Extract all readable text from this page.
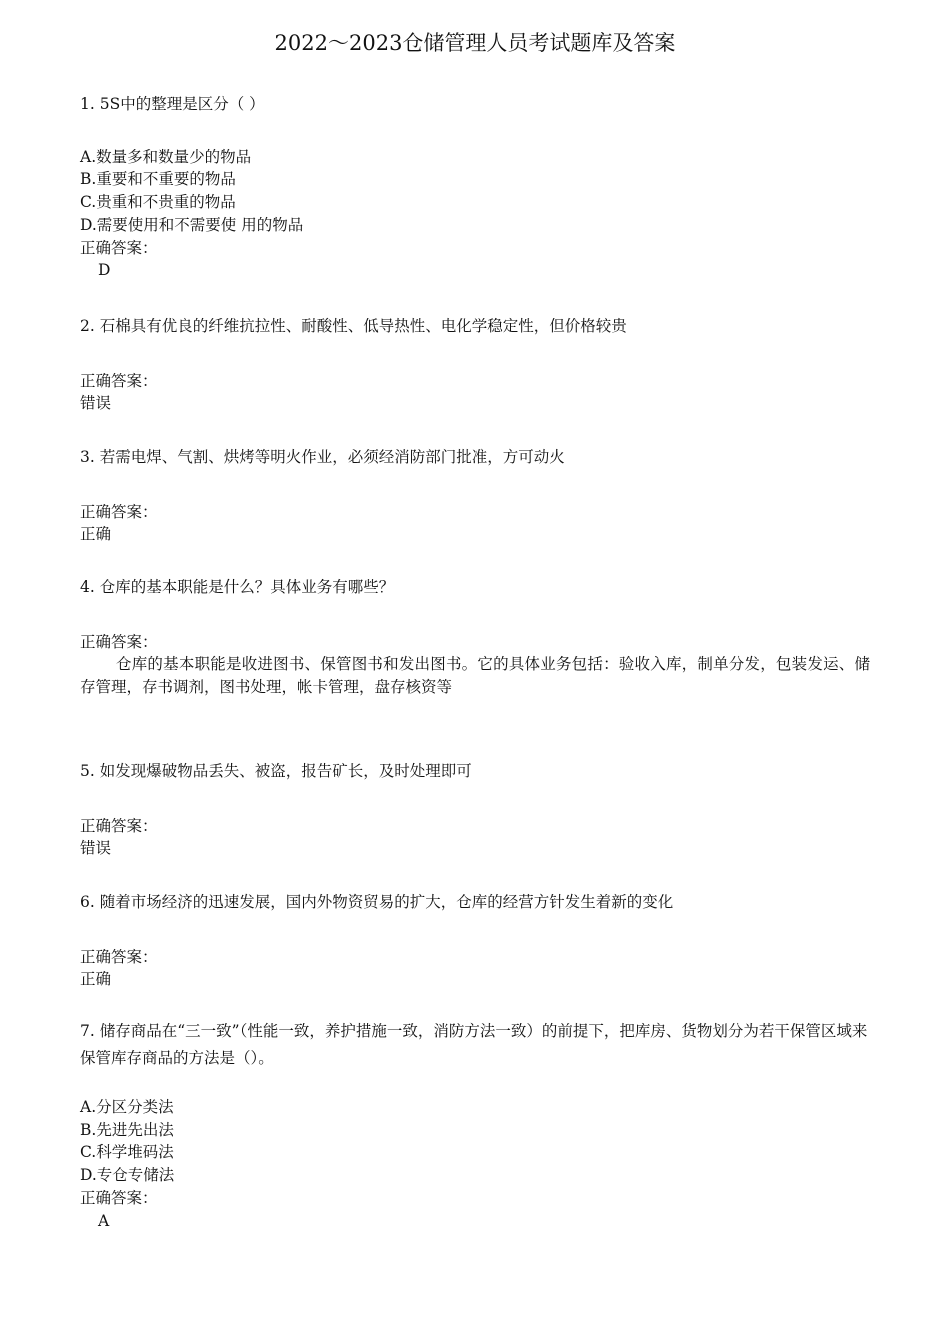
2022～2023仓储管理人员考试题库及答案

1. 5S中的整理是区分（ ）

A.数量多和数量少的物品

B.重要和不重要的物品

C.贵重和不贵重的物品

D.需要使用和不需要使 用的物品

正确答案：

D

2. 石棉具有优良的纤维抗拉性、耐酸性、低导热性、电化学稳定性，但价格较贵

正确答案：

错误

3. 若需电焊、气割、烘烤等明火作业，必须经消防部门批准，方可动火

正确答案：

正确

4. 仓库的基本职能是什么？具体业务有哪些？

正确答案：

仓库的基本职能是收进图书、保管图书和发出图书。它的具体业务包括：验收入库，制单分发，包装发运、储存管理，存书调剂，图书处理，帐卡管理，盘存核资等

5. 如发现爆破物品丢失、被盗，报告矿长，及时处理即可

正确答案：

错误

6. 随着市场经济的迅速发展，国内外物资贸易的扩大，仓库的经营方针发生着新的变化

正确答案：

正确

7. 储存商品在“三一致”（性能一致，养护措施一致，消防方法一致）的前提下，把库房、货物划分为若干保管区域来保管库存商品的方法是（）。

A.分区分类法

B.先进先出法

C.科学堆码法

D.专仓专储法

正确答案：

A
